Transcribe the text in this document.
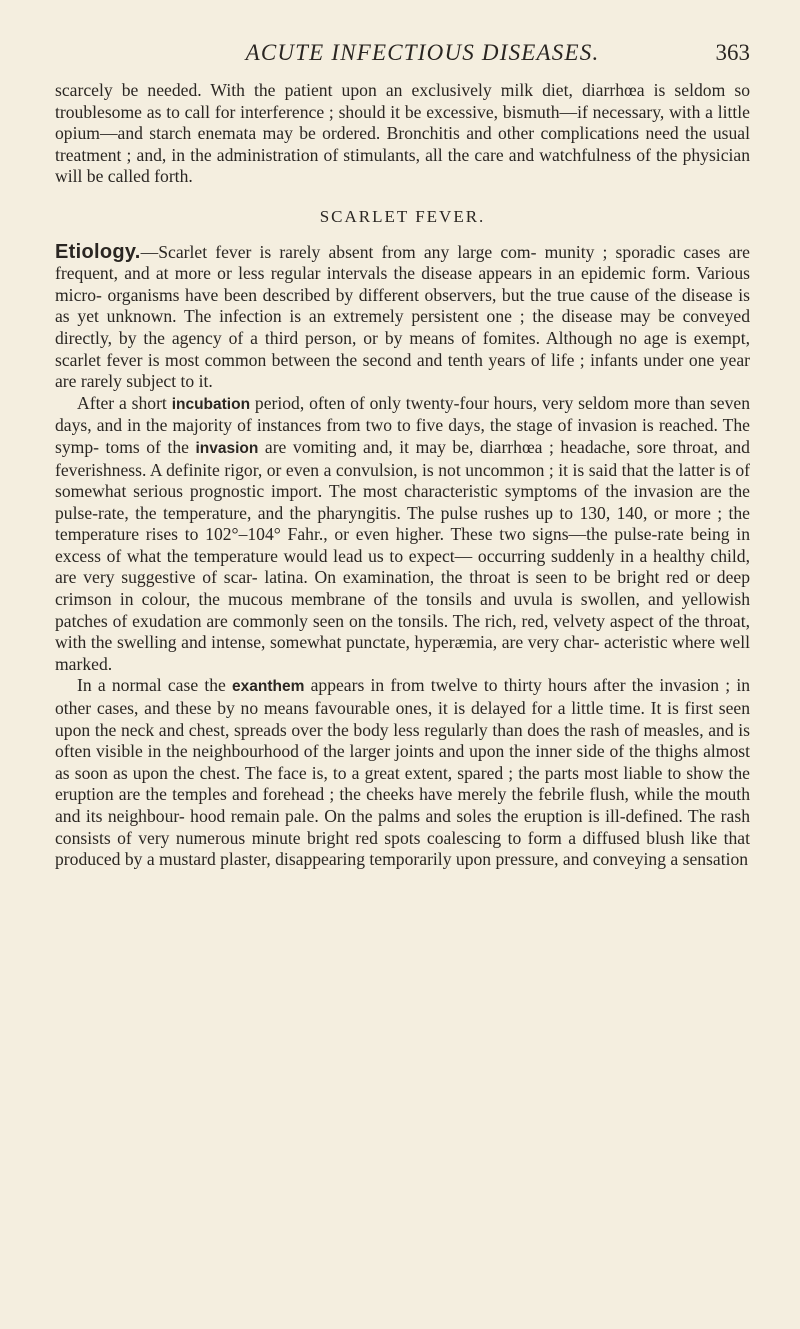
ACUTE INFECTIOUS DISEASES.	363

scarcely be needed. With the patient upon an exclusively milk diet, diarrhœa is seldom so troublesome as to call for interference ; should it be excessive, bismuth—if necessary, with a little opium—and starch enemata may be ordered. Bronchitis and other complications need the usual treatment ; and, in the administration of stimulants, all the care and watchfulness of the physician will be called forth.

SCARLET FEVER.

Etiology.—Scarlet fever is rarely absent from any large com- munity ; sporadic cases are frequent, and at more or less regular intervals the disease appears in an epidemic form. Various micro- organisms have been described by different observers, but the true cause of the disease is as yet unknown. The infection is an extremely persistent one ; the disease may be conveyed directly, by the agency of a third person, or by means of fomites. Although no age is exempt, scarlet fever is most common between the second and tenth years of life ; infants under one year are rarely subject to it.

After a short incubation period, often of only twenty-four hours, very seldom more than seven days, and in the majority of instances from two to five days, the stage of invasion is reached. The symp- toms of the invasion are vomiting and, it may be, diarrhœa ; headache, sore throat, and feverishness. A definite rigor, or even a convulsion, is not uncommon ; it is said that the latter is of somewhat serious prognostic import. The most characteristic symptoms of the invasion are the pulse-rate, the temperature, and the pharyngitis. The pulse rushes up to 130, 140, or more ; the temperature rises to 102°–104° Fahr., or even higher. These two signs—the pulse-rate being in excess of what the temperature would lead us to expect— occurring suddenly in a healthy child, are very suggestive of scar- latina. On examination, the throat is seen to be bright red or deep crimson in colour, the mucous membrane of the tonsils and uvula is swollen, and yellowish patches of exudation are commonly seen on the tonsils. The rich, red, velvety aspect of the throat, with the swelling and intense, somewhat punctate, hyperæmia, are very char- acteristic where well marked.

In a normal case the exanthem appears in from twelve to thirty hours after the invasion ; in other cases, and these by no means favourable ones, it is delayed for a little time. It is first seen upon the neck and chest, spreads over the body less regularly than does the rash of measles, and is often visible in the neighbourhood of the larger joints and upon the inner side of the thighs almost as soon as upon the chest. The face is, to a great extent, spared ; the parts most liable to show the eruption are the temples and forehead ; the cheeks have merely the febrile flush, while the mouth and its neighbour- hood remain pale. On the palms and soles the eruption is ill-defined. The rash consists of very numerous minute bright red spots coalescing to form a diffused blush like that produced by a mustard plaster, disappearing temporarily upon pressure, and conveying a sensation
